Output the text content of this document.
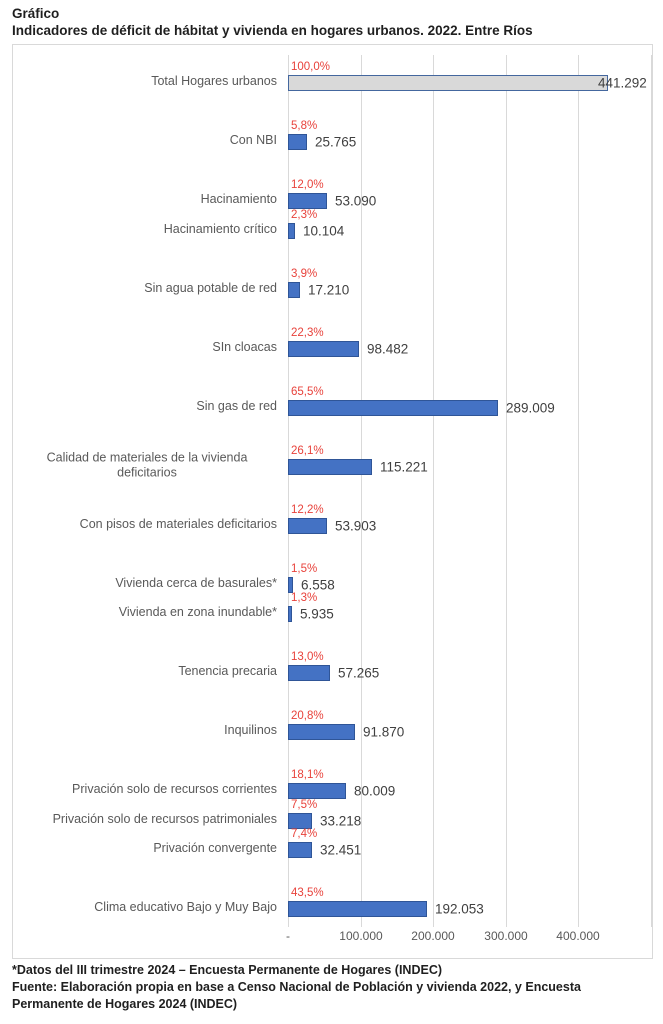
Gráfico
Indicadores de déficit de hábitat y vivienda en hogares urbanos. 2022. Entre Ríos
-	100.000	200.000	300.000	400.000
Total Hogares urbanos
100,0%
441.292
Con NBI
5,8%
25.765
Hacinamiento
12,0%
53.090
Hacinamiento crítico
2,3%
10.104
Sin agua potable de red
3,9%
17.210
SIn cloacas
22,3%
98.482
Sin gas de red
65,5%
289.009
Calidad de materiales de la vivienda deficitarios
26,1%
115.221
Con pisos de materiales deficitarios
12,2%
53.903
Vivienda cerca de basurales*
1,5%
6.558
Vivienda en zona inundable*
1,3%
5.935
Tenencia precaria
13,0%
57.265
Inquilinos
20,8%
91.870
Privación solo de recursos corrientes
18,1%
80.009
Privación solo de recursos patrimoniales
7,5%
33.218
Privación convergente
7,4%
32.451
Clima educativo Bajo y Muy Bajo
43,5%
192.053
*Datos del III trimestre 2024 – Encuesta Permanente de Hogares (INDEC)
Fuente: Elaboración propia en base a Censo Nacional de Población y vivienda 2022, y Encuesta
Permanente de Hogares 2024 (INDEC)
